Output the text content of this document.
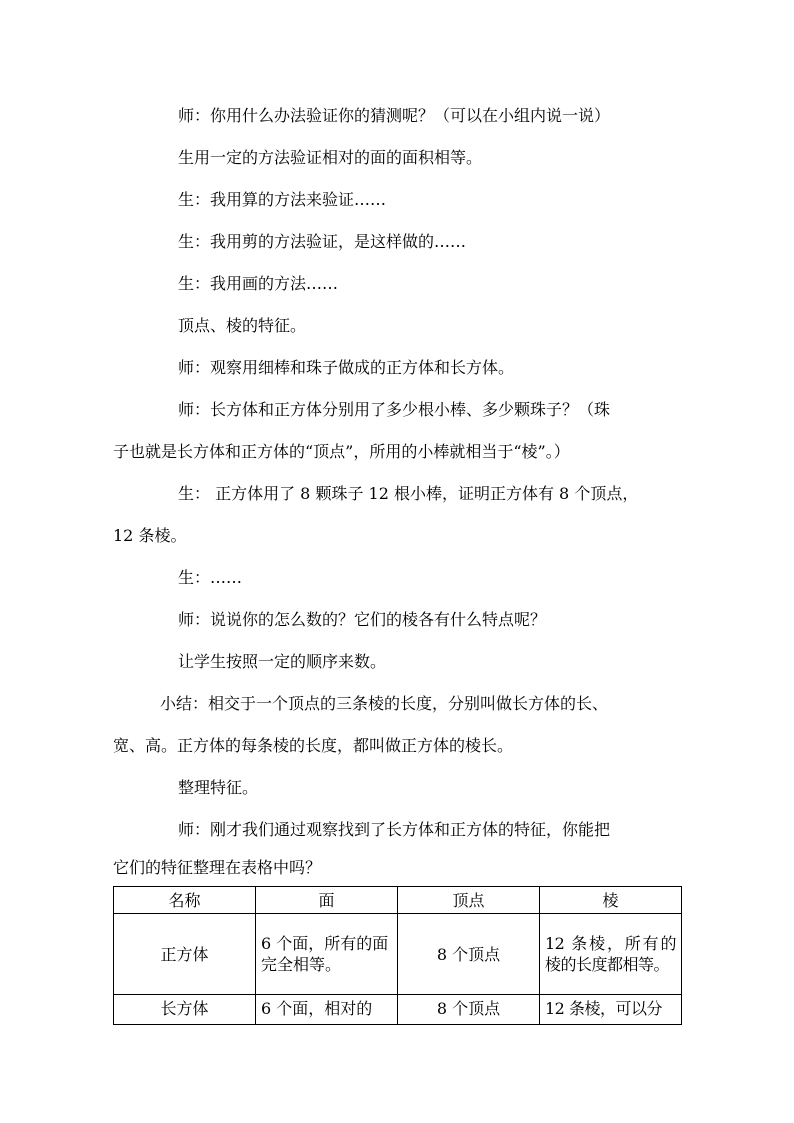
师：你用什么办法验证你的猜测呢？（可以在小组内说一说）
生用一定的方法验证相对的面的面积相等。
生：我用算的方法来验证……
生：我用剪的方法验证，是这样做的……
生：我用画的方法……
顶点、棱的特征。
师：观察用细棒和珠子做成的正方体和长方体。
师：长方体和正方体分别用了多少根小棒、多少颗珠子？（珠
子也就是长方体和正方体的“顶点”，所用的小棒就相当于“棱”。）
生： 正方体用了 8 颗珠子 12 根小棒，证明正方体有 8 个顶点，
12 条棱。
生：……
师：说说你的怎么数的？它们的棱各有什么特点呢？
让学生按照一定的顺序来数。
小结：相交于一个顶点的三条棱的长度，分别叫做长方体的长、
宽、高。正方体的每条棱的长度，都叫做正方体的棱长。
整理特征。
师：刚才我们通过观察找到了长方体和正方体的特征，你能把
它们的特征整理在表格中吗？
名称	面	顶点	棱
正方体	6 个面，所有的面完全相等。	8 个顶点	12 条棱，所有的棱的长度都相等。
长方体	6 个面，相对的	8 个顶点	12 条棱，可以分
